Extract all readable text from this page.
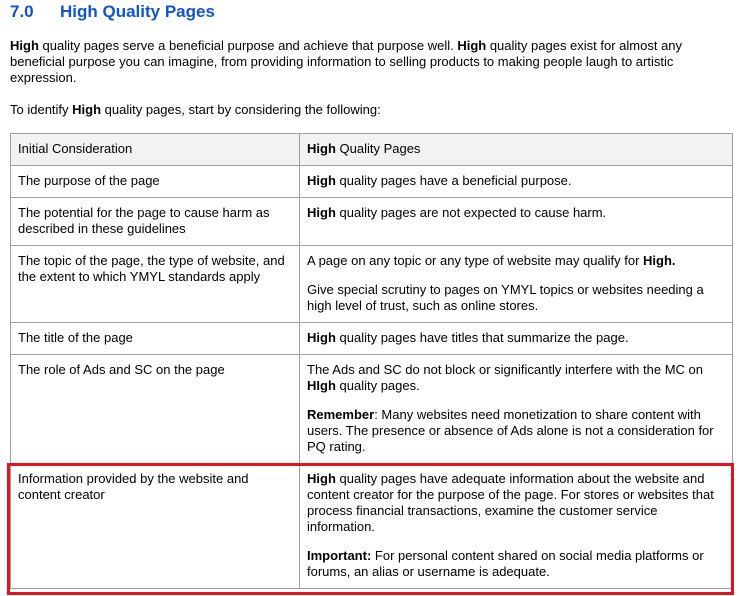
7.0 High Quality Pages
High quality pages serve a beneficial purpose and achieve that purpose well. High quality pages exist for almost any beneficial purpose you can imagine, from providing information to selling products to making people laugh to artistic expression.
To identify High quality pages, start by considering the following:
Initial Consideration	High Quality Pages
The purpose of the page	High quality pages have a beneficial purpose.
The potential for the page to cause harm as described in these guidelines	High quality pages are not expected to cause harm.
The topic of the page, the type of website, and the extent to which YMYL standards apply	A page on any topic or any type of website may qualify for High.
Give special scrutiny to pages on YMYL topics or websites needing a high level of trust, such as online stores.

The title of the page	High quality pages have titles that summarize the page.
The role of Ads and SC on the page	The Ads and SC do not block or significantly interfere with the MC on HIgh quality pages.
Remember: Many websites need monetization to share content with users. The presence or absence of Ads alone is not a consideration for PQ rating.

Information provided by the website and content creator	High quality pages have adequate information about the website and content creator for the purpose of the page. For stores or websites that process financial transactions, examine the customer service information.
Important: For personal content shared on social media platforms or forums, an alias or username is adequate.
